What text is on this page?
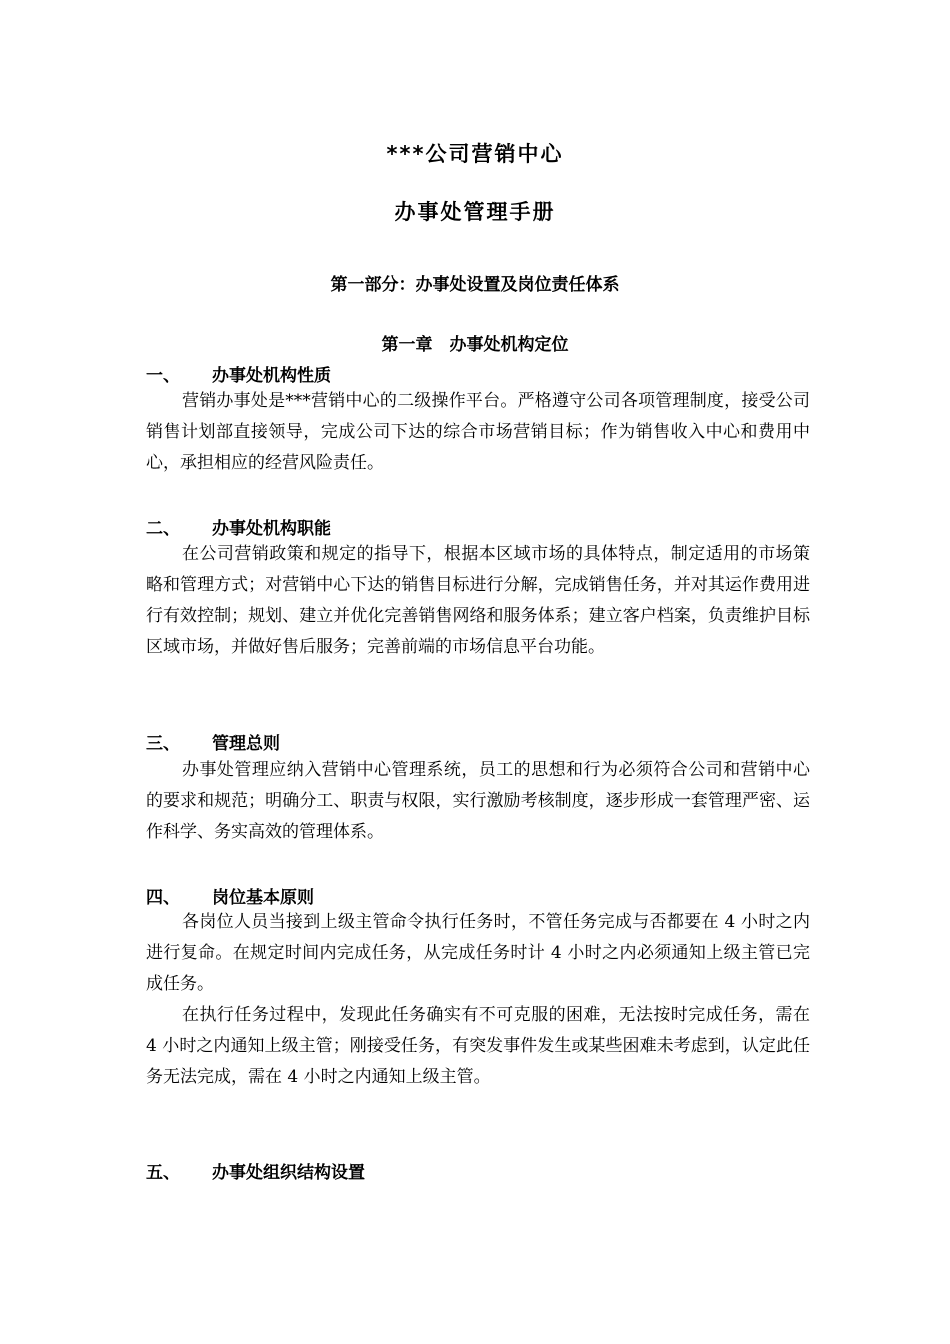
***公司营销中心
办事处管理手册
第一部分：办事处设置及岗位责任体系
第一章　办事处机构定位
一、 办事处机构性质
营销办事处是***营销中心的二级操作平台。严格遵守公司各项管理制度，接受公司销售计划部直接领导，完成公司下达的综合市场营销目标；作为销售收入中心和费用中心，承担相应的经营风险责任。
二、 办事处机构职能
在公司营销政策和规定的指导下，根据本区域市场的具体特点，制定适用的市场策略和管理方式；对营销中心下达的销售目标进行分解，完成销售任务，并对其运作费用进行有效控制；规划、建立并优化完善销售网络和服务体系；建立客户档案，负责维护目标区域市场，并做好售后服务；完善前端的市场信息平台功能。
三、 管理总则
办事处管理应纳入营销中心管理系统，员工的思想和行为必须符合公司和营销中心的要求和规范；明确分工、职责与权限，实行激励考核制度，逐步形成一套管理严密、运作科学、务实高效的管理体系。
四、 岗位基本原则
各岗位人员当接到上级主管命令执行任务时，不管任务完成与否都要在 4 小时之内进行复命。在规定时间内完成任务，从完成任务时计 4 小时之内必须通知上级主管已完成任务。
在执行任务过程中，发现此任务确实有不可克服的困难，无法按时完成任务，需在 4 小时之内通知上级主管；刚接受任务，有突发事件发生或某些困难未考虑到，认定此任务无法完成，需在 4 小时之内通知上级主管。
五、 办事处组织结构设置
